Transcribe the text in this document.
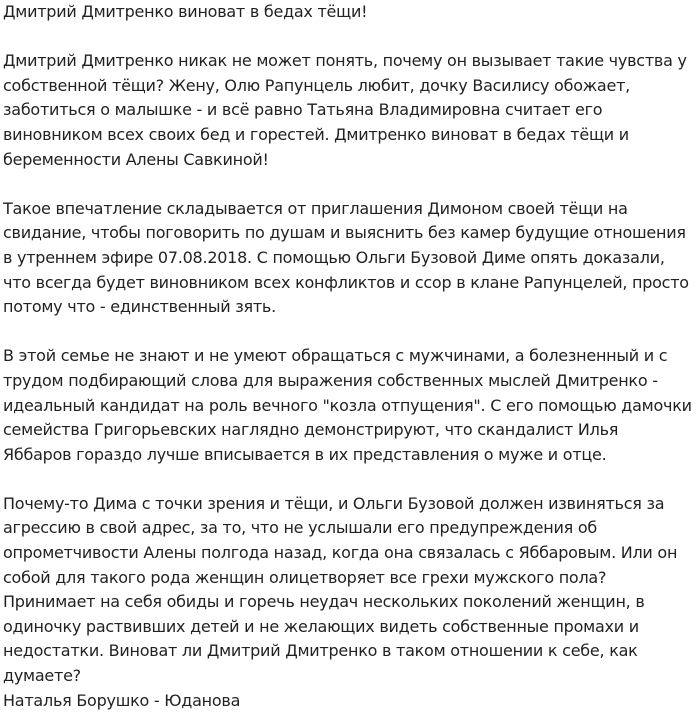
Дмитрий Дмитренко виноват в бедах тёщи!
Дмитрий Дмитренко никак не может понять, почему он вызывает такие чувства у
собственной тёщи? Жену, Олю Рапунцель любит, дочку Василису обожает,
заботиться о малышке - и всё равно Татьяна Владимировна считает его
виновником всех своих бед и горестей. Дмитренко виноват в бедах тёщи и
беременности Алены Савкиной!
Такое впечатление складывается от приглашения Димоном своей тёщи на
свидание, чтобы поговорить по душам и выяснить без камер будущие отношения
в утреннем эфире 07.08.2018. С помощью Ольги Бузовой Диме опять доказали,
что всегда будет виновником всех конфликтов и ссор в клане Рапунцелей, просто
потому что - единственный зять.
В этой семье не знают и не умеют обращаться с мужчинами, а болезненный и с
трудом подбирающий слова для выражения собственных мыслей Дмитренко -
идеальный кандидат на роль вечного "козла отпущения". С его помощью дамочки
семейства Григорьевских наглядно демонстрируют, что скандалист Илья
Яббаров гораздо лучше вписывается в их представления о муже и отце.
Почему-то Дима с точки зрения и тёщи, и Ольги Бузовой должен извиняться за
агрессию в свой адрес, за то, что не услышали его предупреждения об
опрометчивости Алены полгода назад, когда она связалась с Яббаровым. Или он
собой для такого рода женщин олицетворяет все грехи мужского пола?
Принимает на себя обиды и горечь неудач нескольких поколений женщин, в
одиночку раствивших детей и не желающих видеть собственные промахи и
недостатки. Виноват ли Дмитрий Дмитренко в таком отношении к себе, как
думаете?
Наталья Борушко - Юданова
